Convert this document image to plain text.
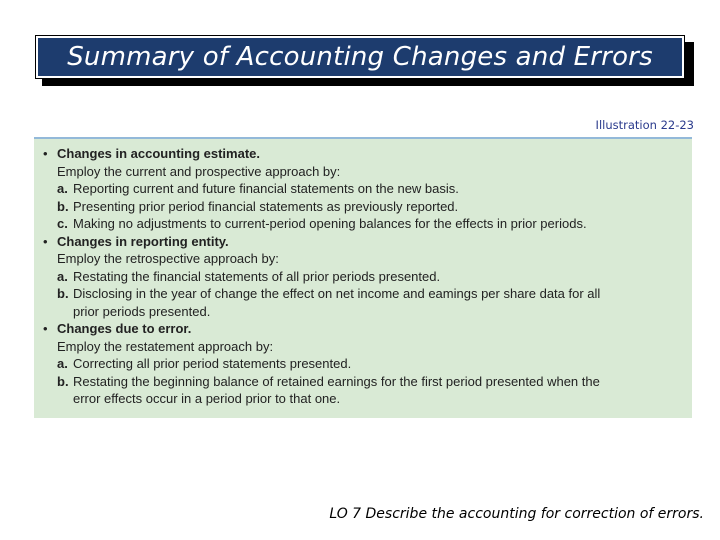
Summary of Accounting Changes and Errors
Illustration 22-23
• Changes in accounting estimate.
Employ the current and prospective approach by:
a. Reporting current and future financial statements on the new basis.
b. Presenting prior period financial statements as previously reported.
c. Making no adjustments to current-period opening balances for the effects in prior periods.
• Changes in reporting entity.
Employ the retrospective approach by:
a. Restating the financial statements of all prior periods presented.
b. Disclosing in the year of change the effect on net income and eamings per share data for all
prior periods presented.
• Changes due to error.
Employ the restatement approach by:
a. Correcting all prior period statements presented.
b. Restating the beginning balance of retained earnings for the first period presented when the
error effects occur in a period prior to that one.
LO 7 Describe the accounting for correction of errors.
